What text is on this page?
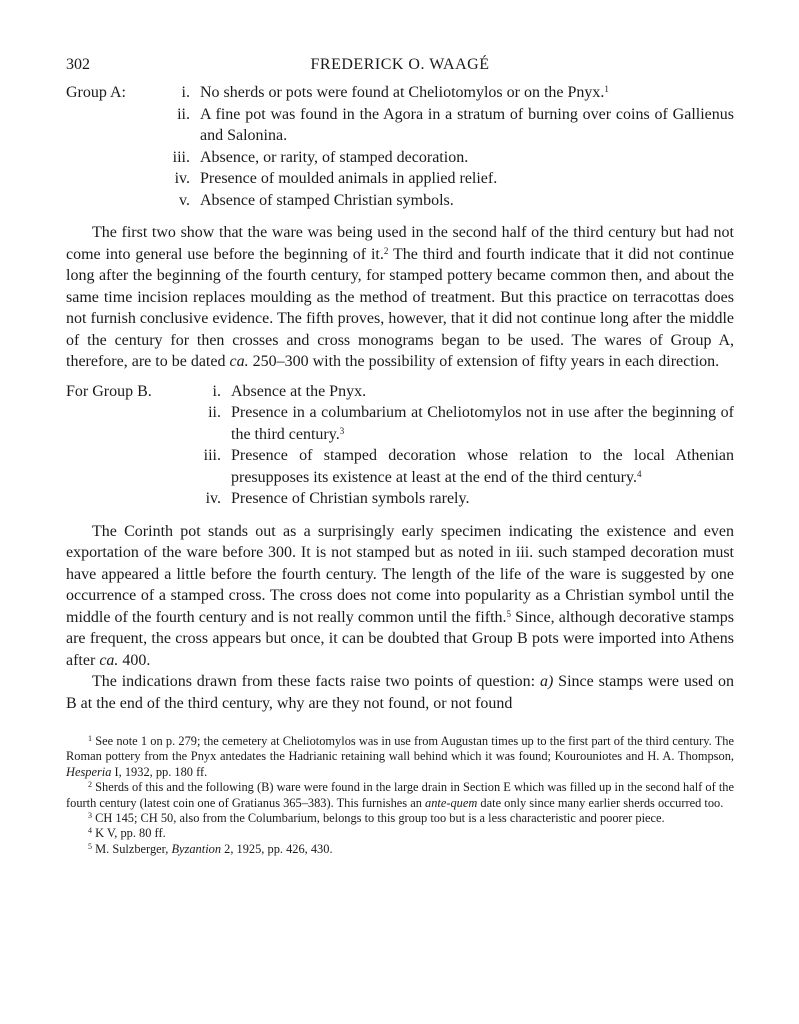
302	FREDERICK O. WAAGÉ
Group A:	i. No sherds or pots were found at Cheliotomylos or on the Pnyx.$^1$
ii. A fine pot was found in the Agora in a stratum of burning over coins of Gallienus and Salonina.
iii. Absence, or rarity, of stamped decoration.
iv. Presence of moulded animals in applied relief.
v. Absence of stamped Christian symbols.

The first two show that the ware was being used in the second half of the third century but had not come into general use before the beginning of it.$^2$ The third and fourth indicate that it did not continue long after the beginning of the fourth century, for stamped pottery became common then, and about the same time incision replaces moulding as the method of treatment. But this practice on terracottas does not furnish conclusive evidence. The fifth proves, however, that it did not continue long after the middle of the century for then crosses and cross monograms began to be used. The wares of Group A, therefore, are to be dated ca. 250–300 with the possibility of extension of fifty years in each direction.

For Group B.	i. Absence at the Pnyx.
ii. Presence in a columbarium at Cheliotomylos not in use after the beginning of the third century.$^3$
iii. Presence of stamped decoration whose relation to the local Athenian presupposes its existence at least at the end of the third century.$^4$
iv. Presence of Christian symbols rarely.

The Corinth pot stands out as a surprisingly early specimen indicating the existence and even exportation of the ware before 300. It is not stamped but as noted in iii. such stamped decoration must have appeared a little before the fourth century. The length of the life of the ware is suggested by one occurrence of a stamped cross. The cross does not come into popularity as a Christian symbol until the middle of the fourth century and is not really common until the fifth.$^5$ Since, although decorative stamps are frequent, the cross appears but once, it can be doubted that Group B pots were imported into Athens after ca. 400.

The indications drawn from these facts raise two points of question: a) Since stamps were used on B at the end of the third century, why are they not found, or not found

$^1$ See note 1 on p. 279; the cemetery at Cheliotomylos was in use from Augustan times up to the first part of the third century. The Roman pottery from the Pnyx antedates the Hadrianic retaining wall behind which it was found; Kourouniotes and H. A. Thompson, Hesperia I, 1932, pp. 180 ff.

$^2$ Sherds of this and the following (B) ware were found in the large drain in Section E which was filled up in the second half of the fourth century (latest coin one of Gratianus 365–383). This furnishes an ante-quem date only since many earlier sherds occurred too.

$^3$ CH 145; CH 50, also from the Columbarium, belongs to this group too but is a less characteristic and poorer piece.

$^4$ K V, pp. 80 ff.

$^5$ M. Sulzberger, Byzantion 2, 1925, pp. 426, 430.
